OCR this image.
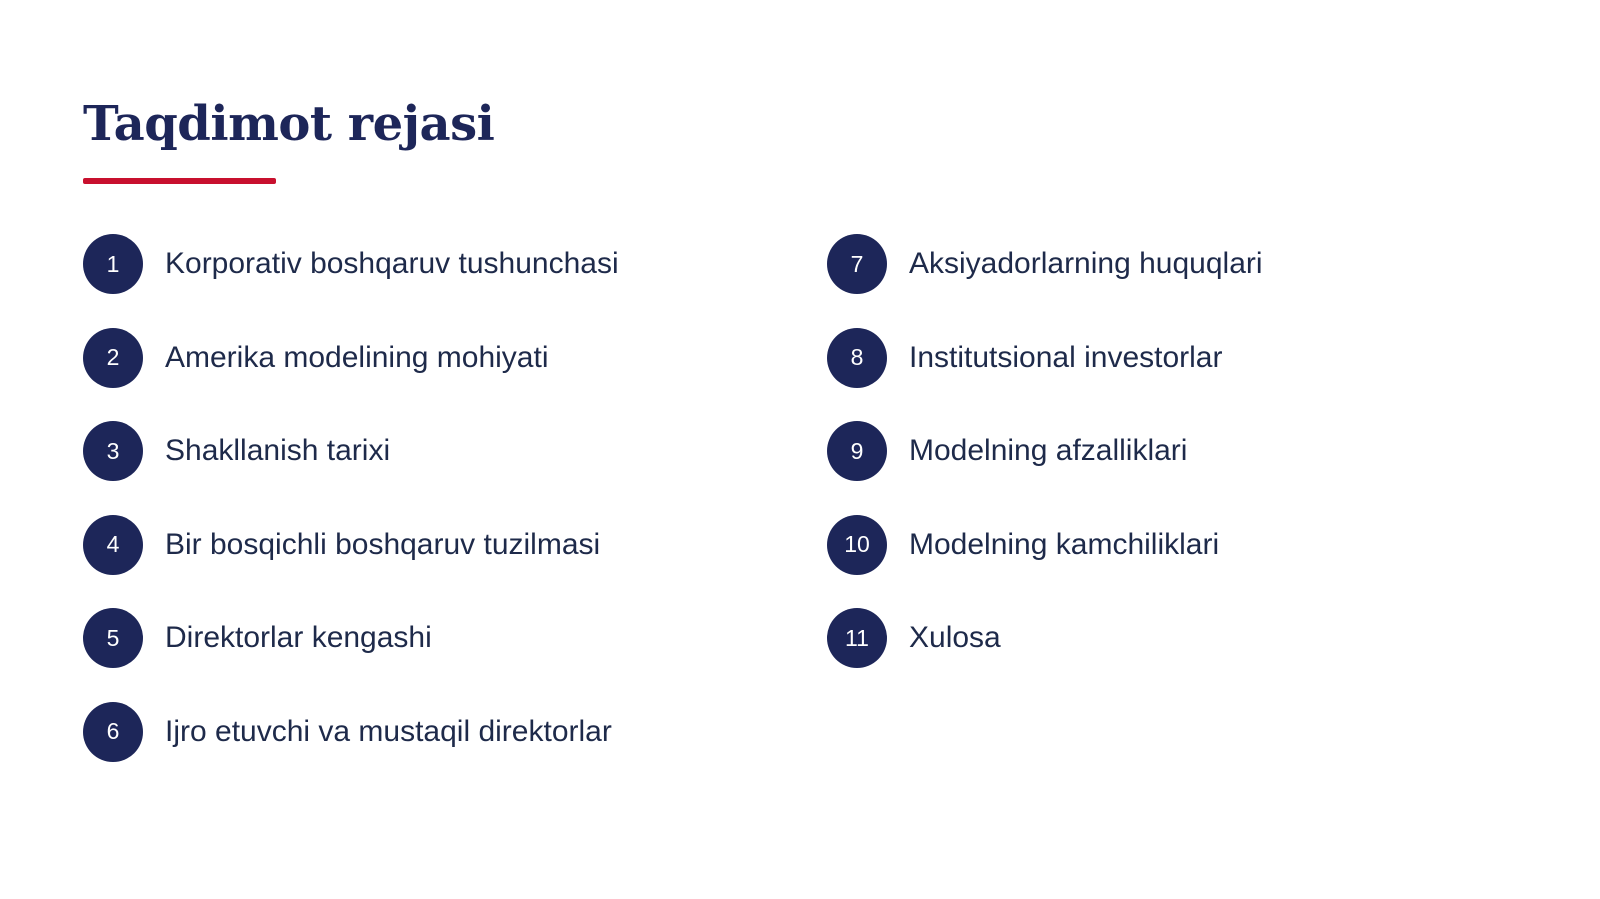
Taqdimot rejasi
1	Korporativ boshqaruv tushunchasi
2	Amerika modelining mohiyati
3	Shakllanish tarixi
4	Bir bosqichli boshqaruv tuzilmasi
5	Direktorlar kengashi
6	Ijro etuvchi va mustaqil direktorlar
7	Aksiyadorlarning huquqlari
8	Institutsional investorlar
9	Modelning afzalliklari
10	Modelning kamchiliklari
11	Xulosa
